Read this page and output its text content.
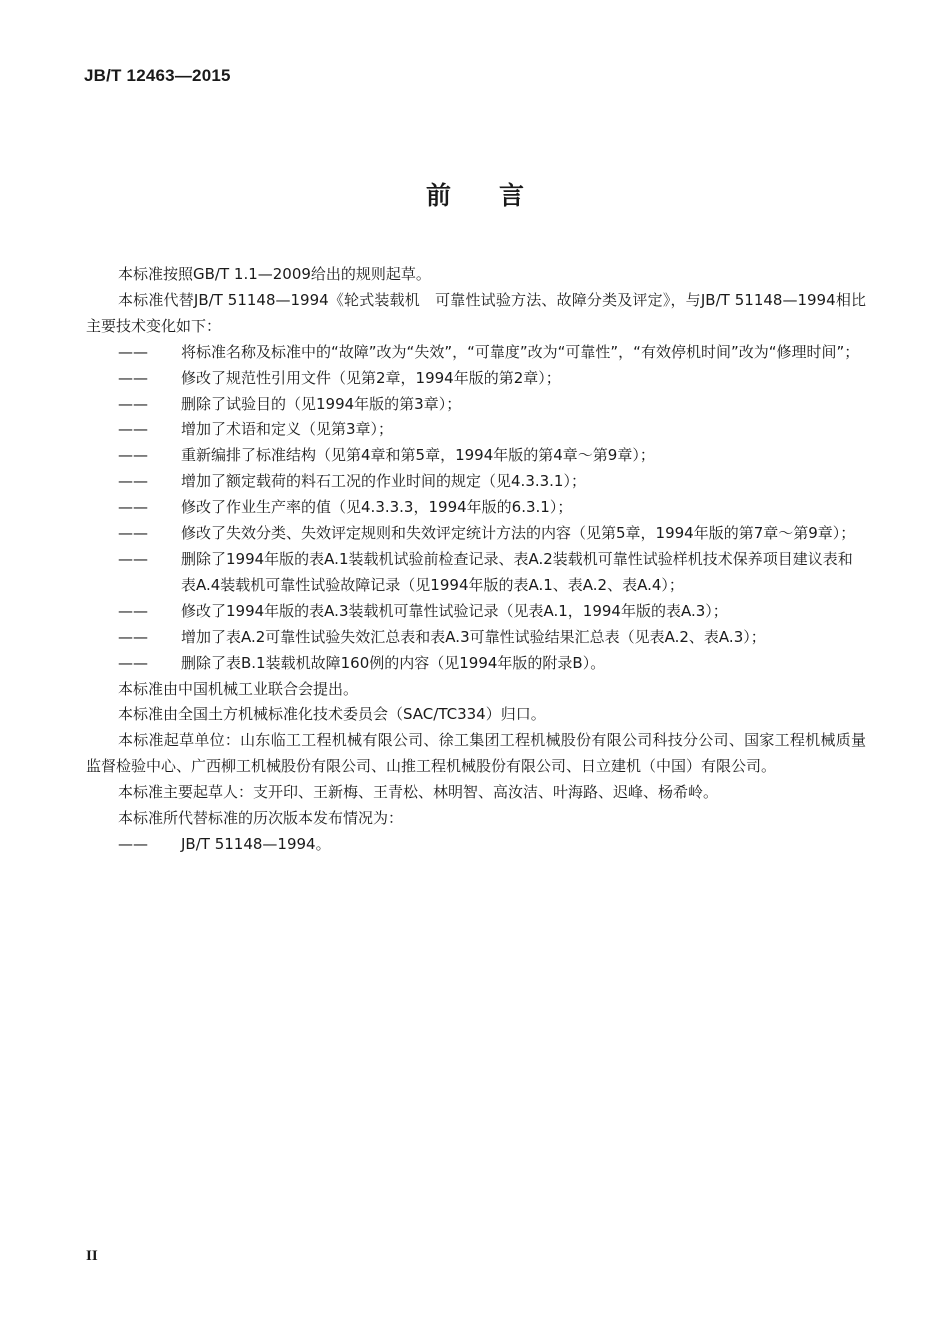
JB/T 12463—2015
前 言
本标准按照GB/T 1.1—2009给出的规则起草。
本标准代替JB/T 51148—1994《轮式装载机　可靠性试验方法、故障分类及评定》，与JB/T 51148—1994相比主要技术变化如下：
—— 将标准名称及标准中的“故障”改为“失效”，“可靠度”改为“可靠性”，“有效停机时间”改为“修理时间”；
—— 修改了规范性引用文件（见第2章，1994年版的第2章）；
—— 删除了试验目的（见1994年版的第3章）；
—— 增加了术语和定义（见第3章）；
—— 重新编排了标准结构（见第4章和第5章，1994年版的第4章～第9章）；
—— 增加了额定载荷的料石工况的作业时间的规定（见4.3.3.1）；
—— 修改了作业生产率的值（见4.3.3.3，1994年版的6.3.1）；
—— 修改了失效分类、失效评定规则和失效评定统计方法的内容（见第5章，1994年版的第7章～第9章）；
—— 删除了1994年版的表A.1装载机试验前检查记录、表A.2装载机可靠性试验样机技术保养项目建议表和表A.4装载机可靠性试验故障记录（见1994年版的表A.1、表A.2、表A.4）；
—— 修改了1994年版的表A.3装载机可靠性试验记录（见表A.1，1994年版的表A.3）；
—— 增加了表A.2可靠性试验失效汇总表和表A.3可靠性试验结果汇总表（见表A.2、表A.3）；
—— 删除了表B.1装载机故障160例的内容（见1994年版的附录B）。
本标准由中国机械工业联合会提出。
本标准由全国土方机械标准化技术委员会（SAC/TC334）归口。
本标准起草单位：山东临工工程机械有限公司、徐工集团工程机械股份有限公司科技分公司、国家工程机械质量监督检验中心、广西柳工机械股份有限公司、山推工程机械股份有限公司、日立建机（中国）有限公司。
本标准主要起草人：支开印、王新梅、王青松、林明智、高汝洁、叶海路、迟峰、杨希岭。
本标准所代替标准的历次版本发布情况为：
—— JB/T 51148—1994。
II
